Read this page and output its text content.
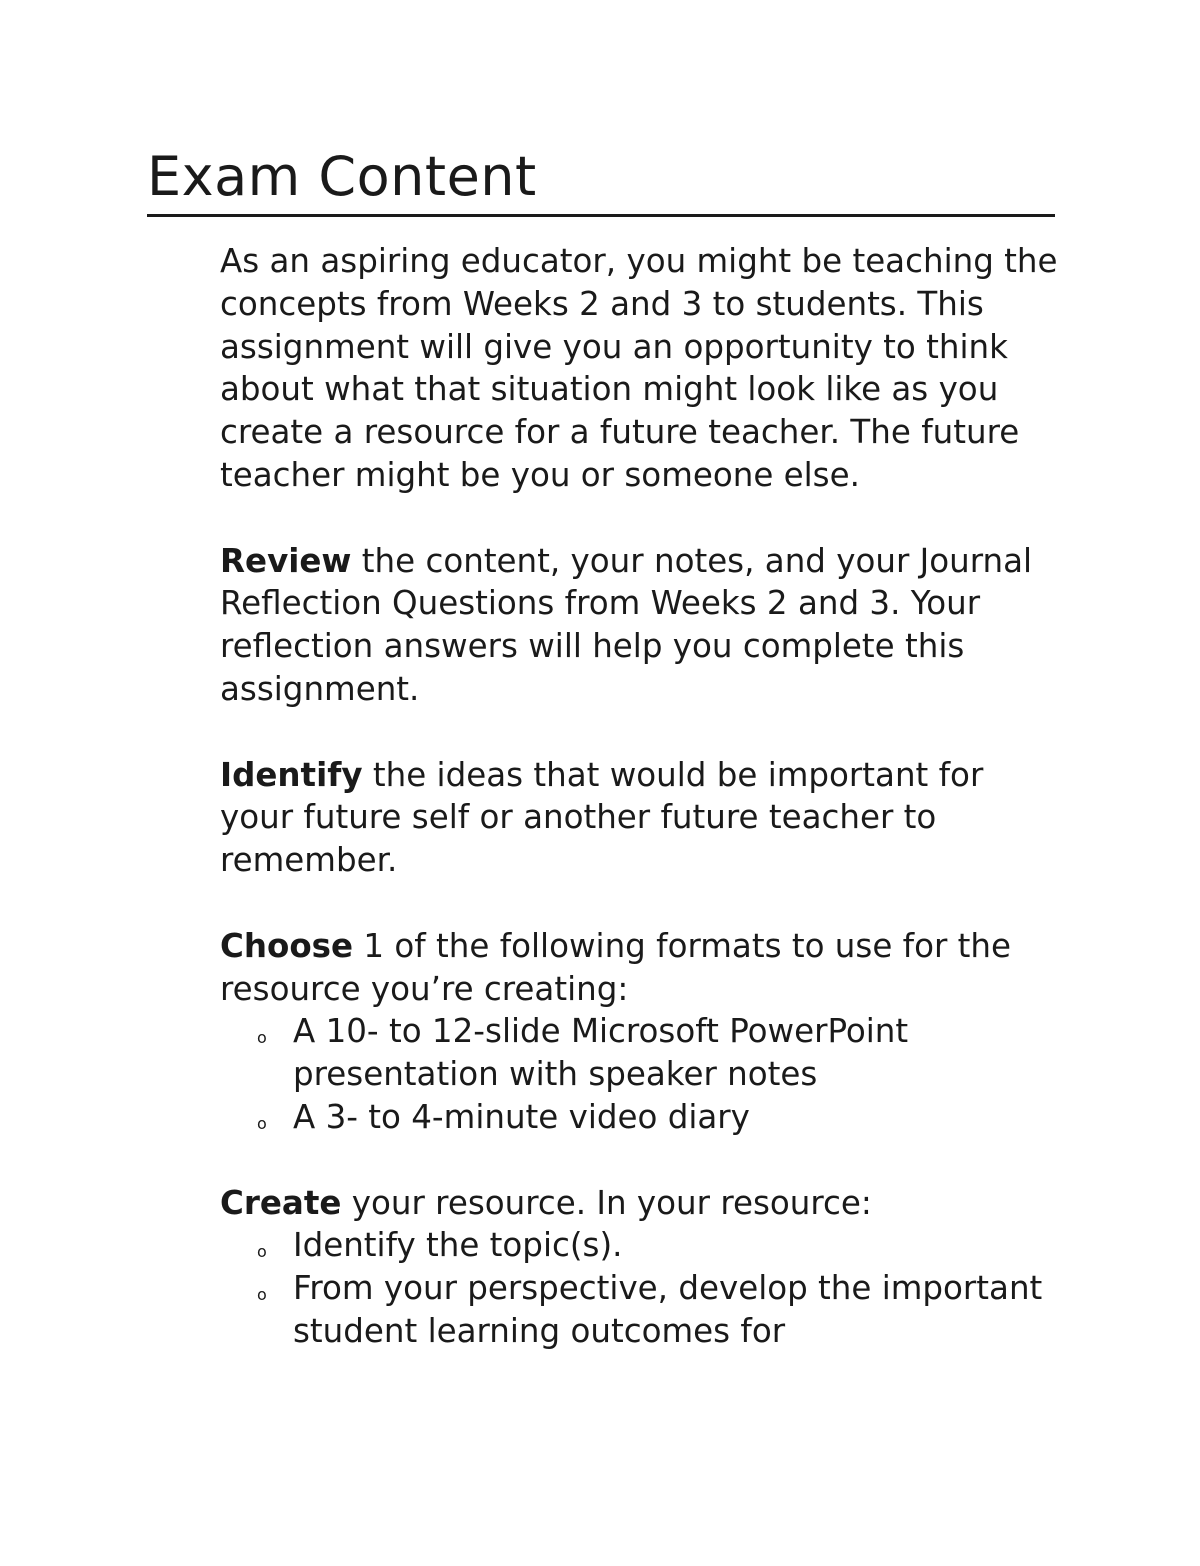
Exam Content

As an aspiring educator, you might be teaching the concepts from Weeks 2 and 3 to students. This assignment will give you an opportunity to think about what that situation might look like as you create a resource for a future teacher. The future teacher might be you or someone else.

Review the content, your notes, and your Journal Reflection Questions from Weeks 2 and 3. Your reflection answers will help you complete this assignment.

Identify the ideas that would be important for your future self or another future teacher to remember.

Choose 1 of the following formats to use for the resource you’re creating:

o A 10- to 12-slide Microsoft PowerPoint presentation with speaker notes
o A 3- to 4-minute video diary

Create your resource. In your resource:

o Identify the topic(s).
o From your perspective, develop the important student learning outcomes for
